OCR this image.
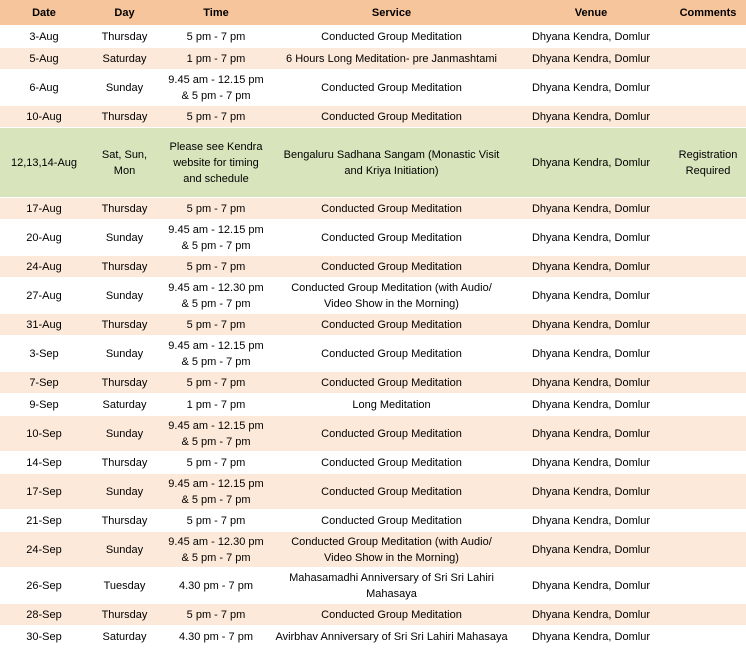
Date	Day	Time	Service	Venue	Comments
3-Aug	Thursday	5 pm - 7 pm	Conducted Group Meditation	Dhyana Kendra, Domlur	
5-Aug	Saturday	1 pm - 7 pm	6 Hours Long Meditation- pre Janmashtami	Dhyana Kendra, Domlur	
6-Aug	Sunday	9.45 am - 12.15 pm
& 5 pm - 7 pm	Conducted Group Meditation	Dhyana Kendra, Domlur	
10-Aug	Thursday	5 pm - 7 pm	Conducted Group Meditation	Dhyana Kendra, Domlur	
12,13,14-Aug	Sat, Sun, Mon	Please see Kendra
website for timing
and schedule	Bengaluru Sadhana Sangam (Monastic Visit
and Kriya Initiation)	Dhyana Kendra, Domlur	Registration
Required
17-Aug	Thursday	5 pm - 7 pm	Conducted Group Meditation	Dhyana Kendra, Domlur	
20-Aug	Sunday	9.45 am - 12.15 pm
& 5 pm - 7 pm	Conducted Group Meditation	Dhyana Kendra, Domlur	
24-Aug	Thursday	5 pm - 7 pm	Conducted Group Meditation	Dhyana Kendra, Domlur	
27-Aug	Sunday	9.45 am - 12.30 pm
& 5 pm - 7 pm	Conducted Group Meditation (with Audio/
Video Show in the Morning)	Dhyana Kendra, Domlur	
31-Aug	Thursday	5 pm - 7 pm	Conducted Group Meditation	Dhyana Kendra, Domlur	
3-Sep	Sunday	9.45 am - 12.15 pm
& 5 pm - 7 pm	Conducted Group Meditation	Dhyana Kendra, Domlur	
7-Sep	Thursday	5 pm - 7 pm	Conducted Group Meditation	Dhyana Kendra, Domlur	
9-Sep	Saturday	1 pm - 7 pm	Long Meditation	Dhyana Kendra, Domlur	
10-Sep	Sunday	9.45 am - 12.15 pm
& 5 pm - 7 pm	Conducted Group Meditation	Dhyana Kendra, Domlur	
14-Sep	Thursday	5 pm - 7 pm	Conducted Group Meditation	Dhyana Kendra, Domlur	
17-Sep	Sunday	9.45 am - 12.15 pm
& 5 pm - 7 pm	Conducted Group Meditation	Dhyana Kendra, Domlur	
21-Sep	Thursday	5 pm - 7 pm	Conducted Group Meditation	Dhyana Kendra, Domlur	
24-Sep	Sunday	9.45 am - 12.30 pm
& 5 pm - 7 pm	Conducted Group Meditation (with Audio/
Video Show in the Morning)	Dhyana Kendra, Domlur	
26-Sep	Tuesday	4.30 pm - 7 pm	Mahasamadhi Anniversary of Sri Sri Lahiri
Mahasaya	Dhyana Kendra, Domlur	
28-Sep	Thursday	5 pm - 7 pm	Conducted Group Meditation	Dhyana Kendra, Domlur	
30-Sep	Saturday	4.30 pm - 7 pm	Avirbhav Anniversary of Sri Sri Lahiri Mahasaya	Dhyana Kendra, Domlur	
